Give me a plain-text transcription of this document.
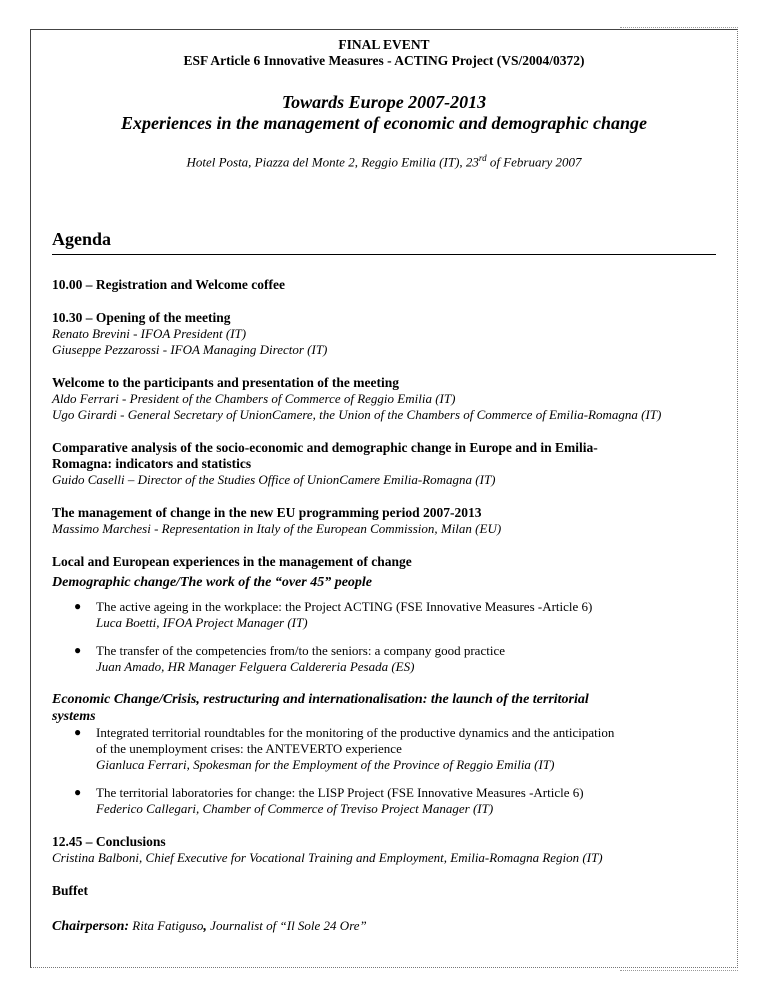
FINAL EVENT
ESF Article 6 Innovative Measures - ACTING Project (VS/2004/0372)
Towards Europe 2007-2013
Experiences in the management of economic and demographic change
Hotel Posta, Piazza del Monte 2, Reggio Emilia (IT), 23rd of February 2007
Agenda
10.00 – Registration and Welcome coffee
10.30 – Opening of the meeting
Renato Brevini - IFOA President (IT)
Giuseppe Pezzarossi - IFOA Managing Director (IT)
Welcome to the participants and presentation of the meeting
Aldo Ferrari - President of the Chambers of Commerce of Reggio Emilia (IT)
Ugo Girardi - General Secretary of UnionCamere, the Union of the Chambers of Commerce of Emilia-Romagna (IT)
Comparative analysis of the socio-economic and demographic change in Europe and in Emilia-
Romagna: indicators and statistics
Guido Caselli – Director of the Studies Office of UnionCamere Emilia-Romagna (IT)
The management of change in the new EU programming period 2007-2013
Massimo Marchesi - Representation in Italy of the European Commission, Milan (EU)
Local and European experiences in the management of change
Demographic change/The work of the “over 45” people
● The active ageing in the workplace: the Project ACTING (FSE Innovative Measures -Article 6)
Luca Boetti, IFOA Project Manager (IT)
● The transfer of the competencies from/to the seniors: a company good practice
Juan Amado, HR Manager Felguera Caldereria Pesada (ES)
Economic Change/Crisis, restructuring and internationalisation: the launch of the territorial
systems
● Integrated territorial roundtables for the monitoring of the productive dynamics and the anticipation
of the unemployment crises: the ANTEVERTO experience
Gianluca Ferrari, Spokesman for the Employment of the Province of Reggio Emilia (IT)
● The territorial laboratories for change: the LISP Project (FSE Innovative Measures -Article 6)
Federico Callegari, Chamber of Commerce of Treviso Project Manager (IT)
12.45 – Conclusions
Cristina Balboni, Chief Executive for Vocational Training and Employment, Emilia-Romagna Region (IT)
Buffet
Chairperson: Rita Fatiguso, Journalist of “Il Sole 24 Ore”
